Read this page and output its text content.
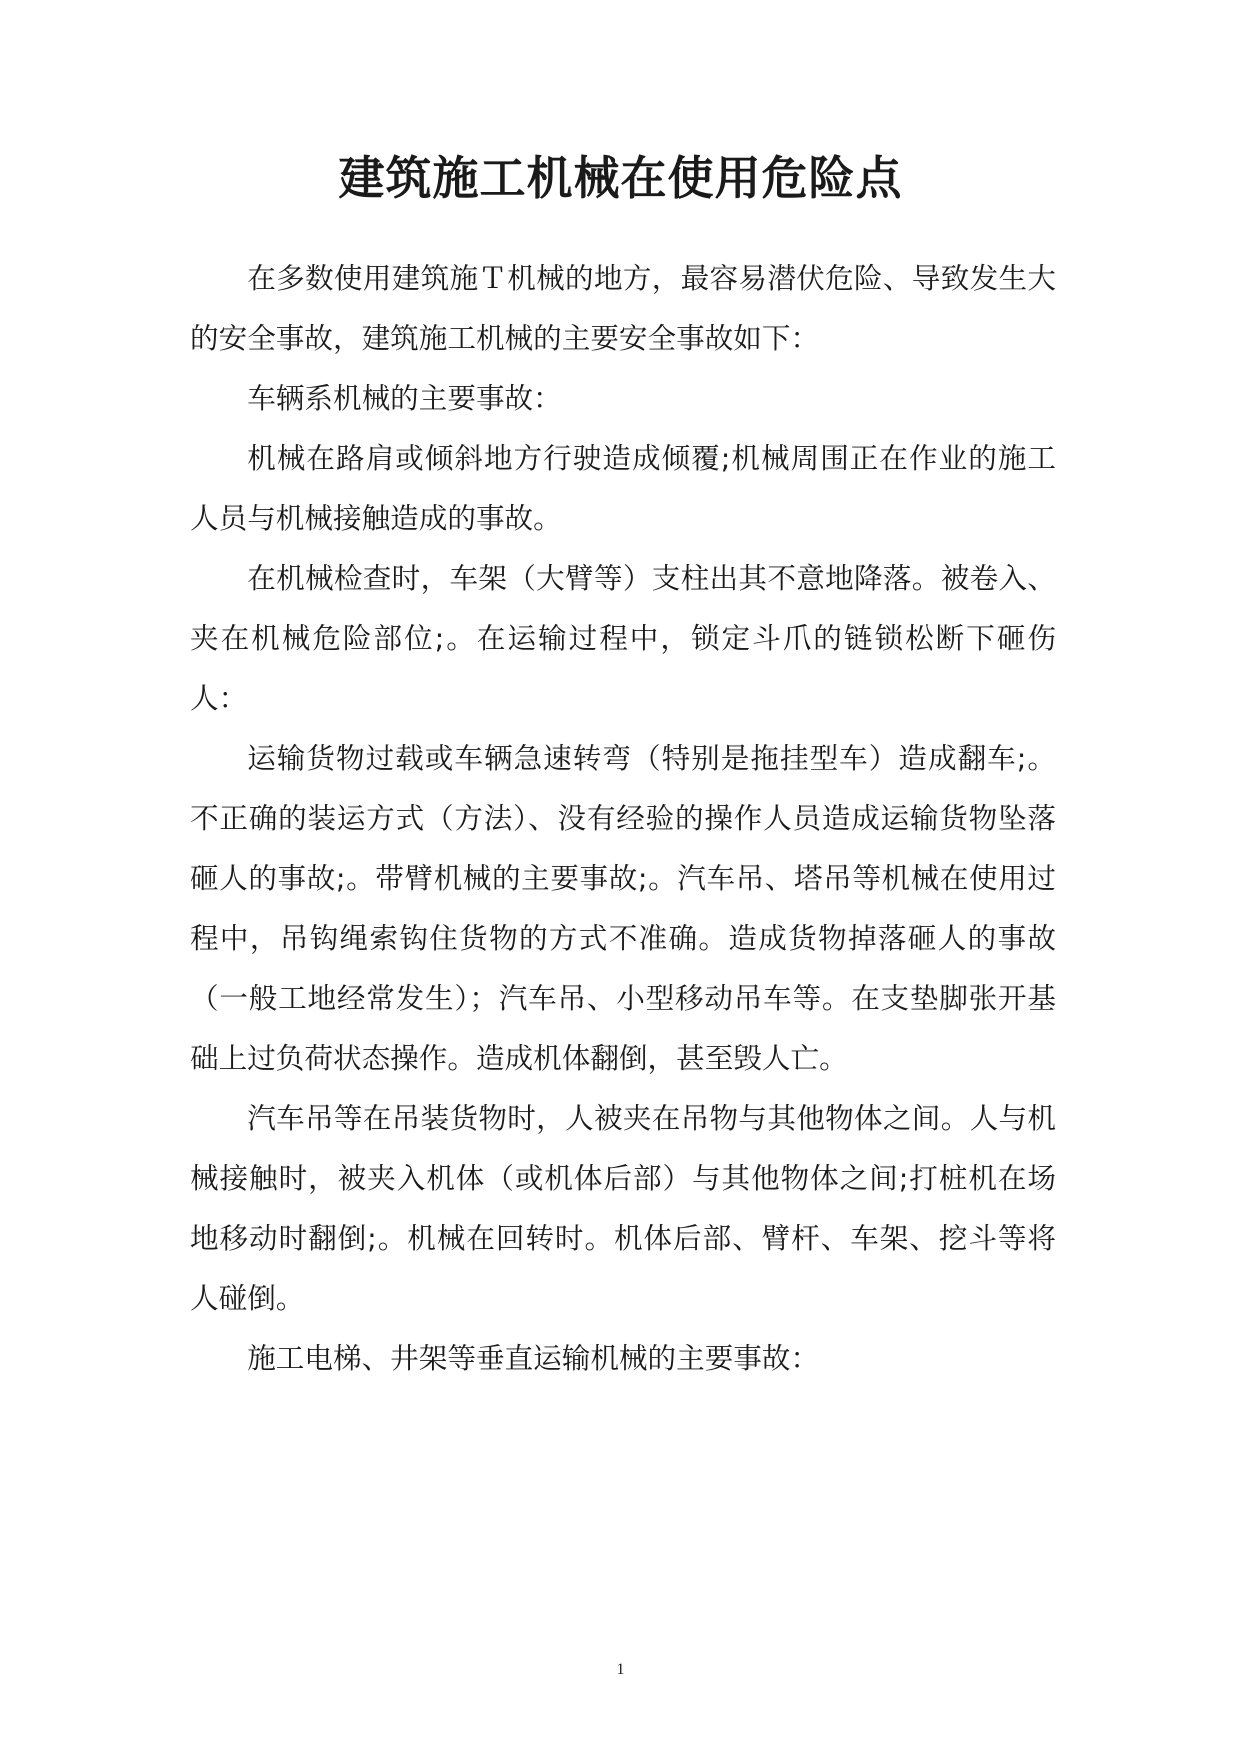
建筑施工机械在使用危险点

在多数使用建筑施Ｔ机械的地方，最容易潜伏危险、导致发生大的安全事故，建筑施工机械的主要安全事故如下：

车辆系机械的主要事故：

机械在路肩或倾斜地方行驶造成倾覆;机械周围正在作业的施工人员与机械接触造成的事故。

在机械检查时，车架（大臂等）支柱出其不意地降落。被卷入、夹在机械危险部位;。在运输过程中，锁定斗爪的链锁松断下砸伤人：

运输货物过载或车辆急速转弯（特别是拖挂型车）造成翻车;。不正确的装运方式（方法）、没有经验的操作人员造成运输货物坠落砸人的事故;。带臂机械的主要事故;。汽车吊、塔吊等机械在使用过程中，吊钩绳索钩住货物的方式不准确。造成货物掉落砸人的事故（一般工地经常发生）；汽车吊、小型移动吊车等。在支垫脚张开基础上过负荷状态操作。造成机体翻倒，甚至毁人亡。

汽车吊等在吊装货物时，人被夹在吊物与其他物体之间。人与机械接触时，被夹入机体（或机体后部）与其他物体之间;打桩机在场地移动时翻倒;。机械在回转时。机体后部、臂杆、车架、挖斗等将人碰倒。

施工电梯、井架等垂直运输机械的主要事故：

1
